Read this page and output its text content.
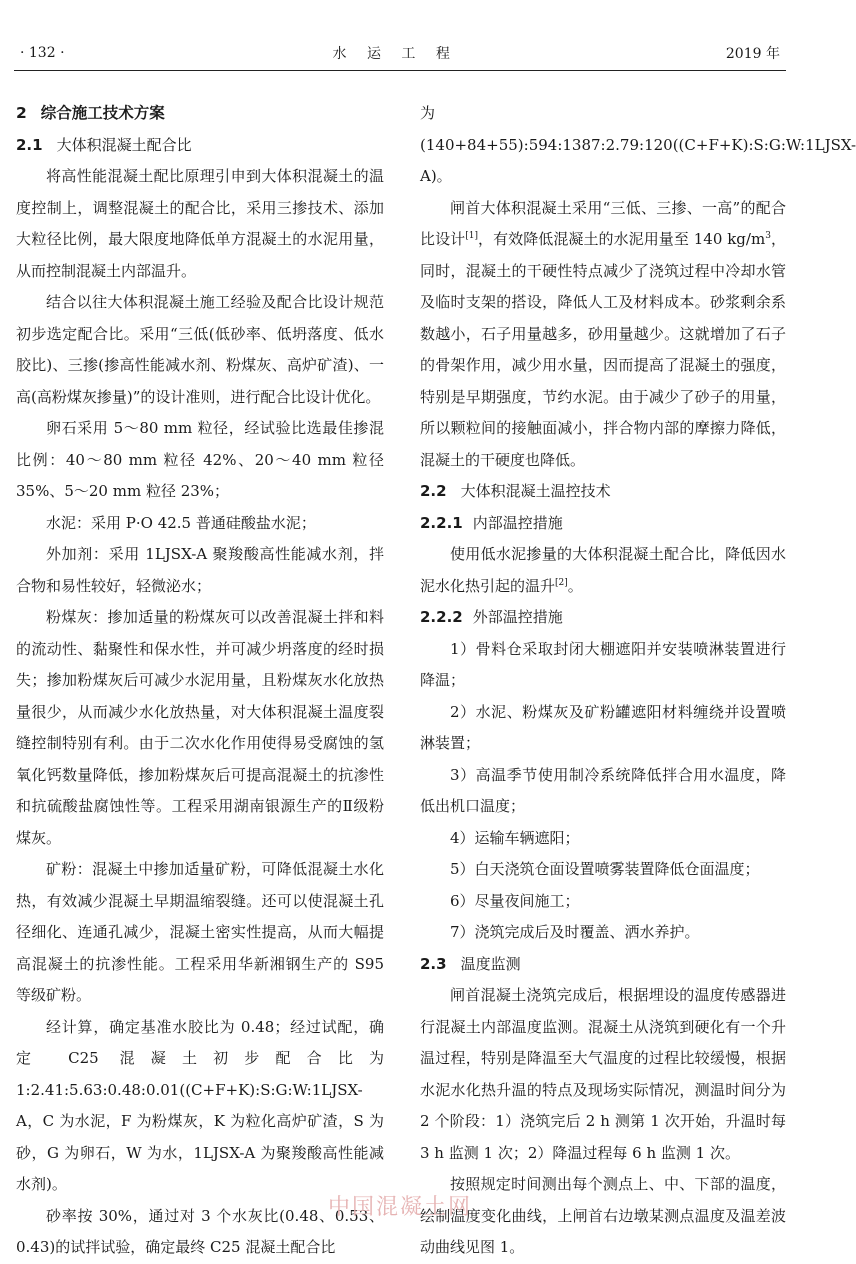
· 132 ·	水 运 工 程	2019 年
2 综合施工技术方案
2.1 大体积混凝土配合比
将高性能混凝土配比原理引申到大体积混凝土的温度控制上，调整混凝土的配合比，采用三掺技术、添加大粒径比例，最大限度地降低单方混凝土的水泥用量，从而控制混凝土内部温升。
结合以往大体积混凝土施工经验及配合比设计规范初步选定配合比。采用“三低(低砂率、低坍落度、低水胶比)、三掺(掺高性能减水剂、粉煤灰、高炉矿渣)、一高(高粉煤灰掺量)”的设计准则，进行配合比设计优化。
卵石采用 5～80 mm 粒径，经试验比选最佳掺混比例：40～80 mm 粒径 42%、20～40 mm 粒径 35%、5～20 mm 粒径 23%；
水泥：采用 P·O 42.5 普通硅酸盐水泥；
外加剂：采用 1LJSX-A 聚羧酸高性能减水剂，拌合物和易性较好，轻微泌水；
粉煤灰：掺加适量的粉煤灰可以改善混凝土拌和料的流动性、黏聚性和保水性，并可减少坍落度的经时损失；掺加粉煤灰后可减少水泥用量，且粉煤灰水化放热量很少，从而减少水化放热量，对大体积混凝土温度裂缝控制特别有利。由于二次水化作用使得易受腐蚀的氢氧化钙数量降低，掺加粉煤灰后可提高混凝土的抗渗性和抗硫酸盐腐蚀性等。工程采用湖南银源生产的Ⅱ级粉煤灰。
矿粉：混凝土中掺加适量矿粉，可降低混凝土水化热，有效减少混凝土早期温缩裂缝。还可以使混凝土孔径细化、连通孔减少，混凝土密实性提高，从而大幅提高混凝土的抗渗性能。工程采用华新湘钢生产的 S95 等级矿粉。
经计算，确定基准水胶比为 0.48；经过试配，确定 C25 混凝土初步配合比为 1:2.41:5.63:0.48:0.01((C+F+K):S:G:W:1LJSX-A，C 为水泥，F 为粉煤灰，K 为粒化高炉矿渣，S 为砂，G 为卵石，W 为水，1LJSX-A 为聚羧酸高性能减水剂)。
砂率按 30%，通过对 3 个水灰比(0.48、0.53、0.43)的试拌试验，确定最终 C25 混凝土配合比
为(140+84+55):594:1387:2.79:120((C+F+K):S:G:W:1LJSX-A)。
闸首大体积混凝土采用“三低、三掺、一高”的配合比设计[1]，有效降低混凝土的水泥用量至 140 $kg/m^3$，同时，混凝土的干硬性特点减少了浇筑过程中冷却水管及临时支架的搭设，降低人工及材料成本。砂浆剩余系数越小，石子用量越多，砂用量越少。这就增加了石子的骨架作用，减少用水量，因而提高了混凝土的强度，特别是早期强度，节约水泥。由于减少了砂子的用量，所以颗粒间的接触面减小，拌合物内部的摩擦力降低，混凝土的干硬度也降低。
2.2 大体积混凝土温控技术
2.2.1 内部温控措施
使用低水泥掺量的大体积混凝土配合比，降低因水泥水化热引起的温升[2]。
2.2.2 外部温控措施
1）骨料仓采取封闭大棚遮阳并安装喷淋装置进行降温；
2）水泥、粉煤灰及矿粉罐遮阳材料缠绕并设置喷淋装置；
3）高温季节使用制冷系统降低拌合用水温度，降低出机口温度；
4）运输车辆遮阳；
5）白天浇筑仓面设置喷雾装置降低仓面温度；
6）尽量夜间施工；
7）浇筑完成后及时覆盖、洒水养护。
2.3 温度监测
闸首混凝土浇筑完成后，根据埋设的温度传感器进行混凝土内部温度监测。混凝土从浇筑到硬化有一个升温过程，特别是降温至大气温度的过程比较缓慢，根据水泥水化热升温的特点及现场实际情况，测温时间分为 2 个阶段：1）浇筑完后 2 h 测第 1 次开始，升温时每 3 h 监测 1 次；2）降温过程每 6 h 监测 1 次。
按照规定时间测出每个测点上、中、下部的温度，绘制温度变化曲线，上闸首右边墩某测点温度及温差波动曲线见图 1。
中国混凝土网
